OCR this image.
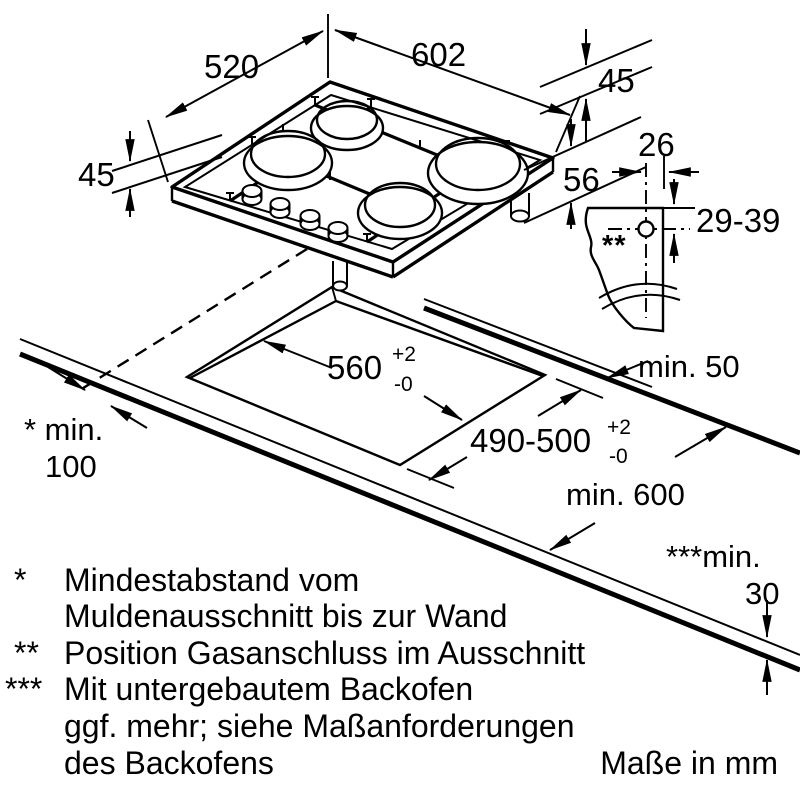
**
602
520	45
45	56
26
29-39
560 +2
-0
490-500 +2
-0
min. 50
min. 600
* min.
100
***min.
30
* Mindestabstand vom
Muldenausschnitt bis zur Wand
** Position Gasanschluss im Ausschnitt
*** Mit untergebautem Backofen
ggf. mehr; siehe Maßanforderungen
des Backofens	Maße in mm
